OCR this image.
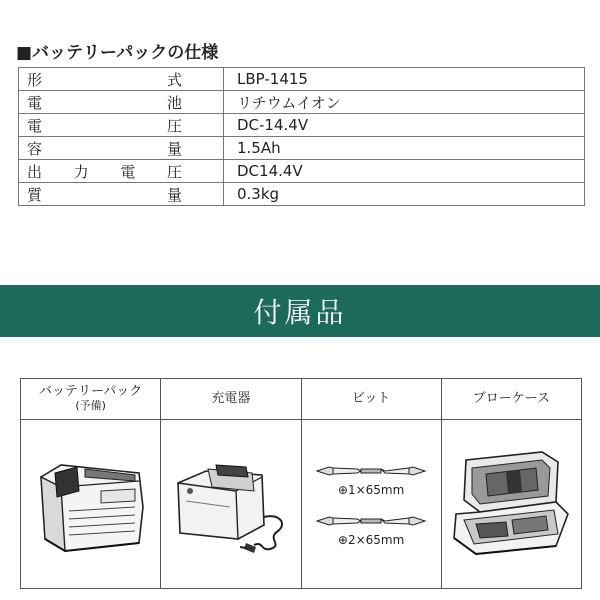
■バッテリーパックの仕様
形 式	LBP-1415

電 池	リチウムイオン

電 圧	DC-14.4V

容 量	1.5Ah

出 力 電 圧	DC14.4V

質 量	0.3kg
付属品
バッテリーパック
(予備)	充電器	ビット	ブローケース

⊕1×65mm
⊕2×65mm
